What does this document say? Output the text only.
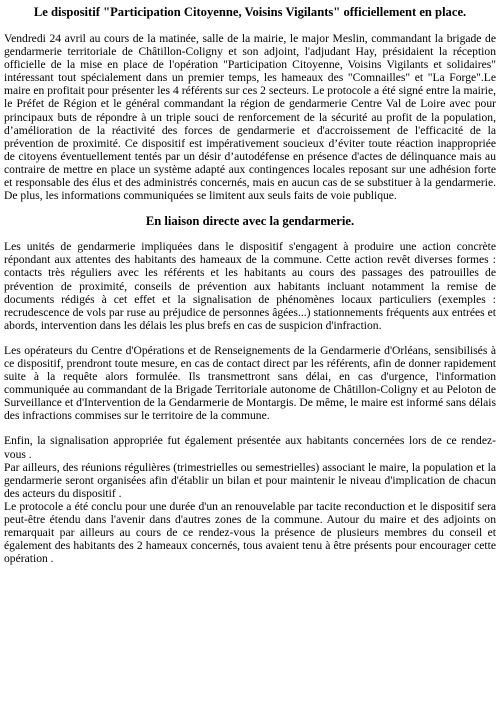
Le dispositif "Participation Citoyenne, Voisins Vigilants" officiellement en place.

Vendredi 24 avril au cours de la matinée, salle de la mairie, le major Meslin, commandant la brigade de gendarmerie territoriale de Châtillon-Coligny et son adjoint, l'adjudant Hay, présidaient la réception officielle de la mise en place de l'opération "Participation Citoyenne, Voisins Vigilants et solidaires" intéressant tout spécialement dans un premier temps, les hameaux des "Comnailles" et "La Forge".Le maire en profitait pour présenter les 4 référents sur ces 2 secteurs. Le protocole a été signé entre la mairie, le Préfet de Région et le général commandant la région de gendarmerie Centre Val de Loire avec pour principaux buts de répondre à un triple souci de renforcement de la sécurité au profit de la population, d’amélioration de la réactivité des forces de gendarmerie et d'accroissement de l'efficacité de la prévention de proximité. Ce dispositif est impérativement soucieux d’éviter toute réaction inappropriée de citoyens éventuellement tentés par un désir d’autodéfense en présence d'actes de délinquance mais au contraire de mettre en place un système adapté aux contingences locales reposant sur une adhésion forte et responsable des élus et des administrés concernés, mais en aucun cas de se substituer à la gendarmerie. De plus, les informations communiquées se limitent aux seuls faits de voie publique.

En liaison directe avec la gendarmerie.

Les unités de gendarmerie impliquées dans le dispositif s'engagent à produire une action concrète répondant aux attentes des habitants des hameaux de la commune. Cette action revêt diverses formes : contacts très réguliers avec les référents et les habitants au cours des passages des patrouilles de prévention de proximité, conseils de prévention aux habitants incluant notamment la remise de documents rédigés à cet effet et la signalisation de phénomènes locaux particuliers (exemples : recrudescence de vols par ruse au préjudice de personnes âgées...) stationnements fréquents aux entrées et abords, intervention dans les délais les plus brefs en cas de suspicion d'infraction.

Les opérateurs du Centre d'Opérations et de Renseignements de la Gendarmerie d'Orléans, sensibilisés à ce dispositif, prendront toute mesure, en cas de contact direct par les référents, afin de donner rapidement suite à la requête alors formulée. Ils transmettront sans délai, en cas d'urgence, l'information communiquée au commandant de la Brigade Territoriale autonome de Châtillon-Coligny et au Peloton de Surveillance et d'Intervention de la Gendarmerie de Montargis. De même, le maire est informé sans délais des infractions commises sur le territoire de la commune.

Enfin, la signalisation appropriée fut également présentée aux habitants concernées lors de ce rendez-vous .

Par ailleurs, des réunions régulières (trimestrielles ou semestrielles) associant le maire, la population et la gendarmerie seront organisées afin d'établir un bilan et pour maintenir le niveau d'implication de chacun des acteurs du dispositif .

Le protocole a été conclu pour une durée d'un an renouvelable par tacite reconduction et le dispositif sera peut-être étendu dans l'avenir dans d'autres zones de la commune. Autour du maire et des adjoints on remarquait par ailleurs au cours de ce rendez-vous la présence de plusieurs membres du conseil et également des habitants des 2 hameaux concernés, tous avaient tenu à être présents pour encourager cette opération .
